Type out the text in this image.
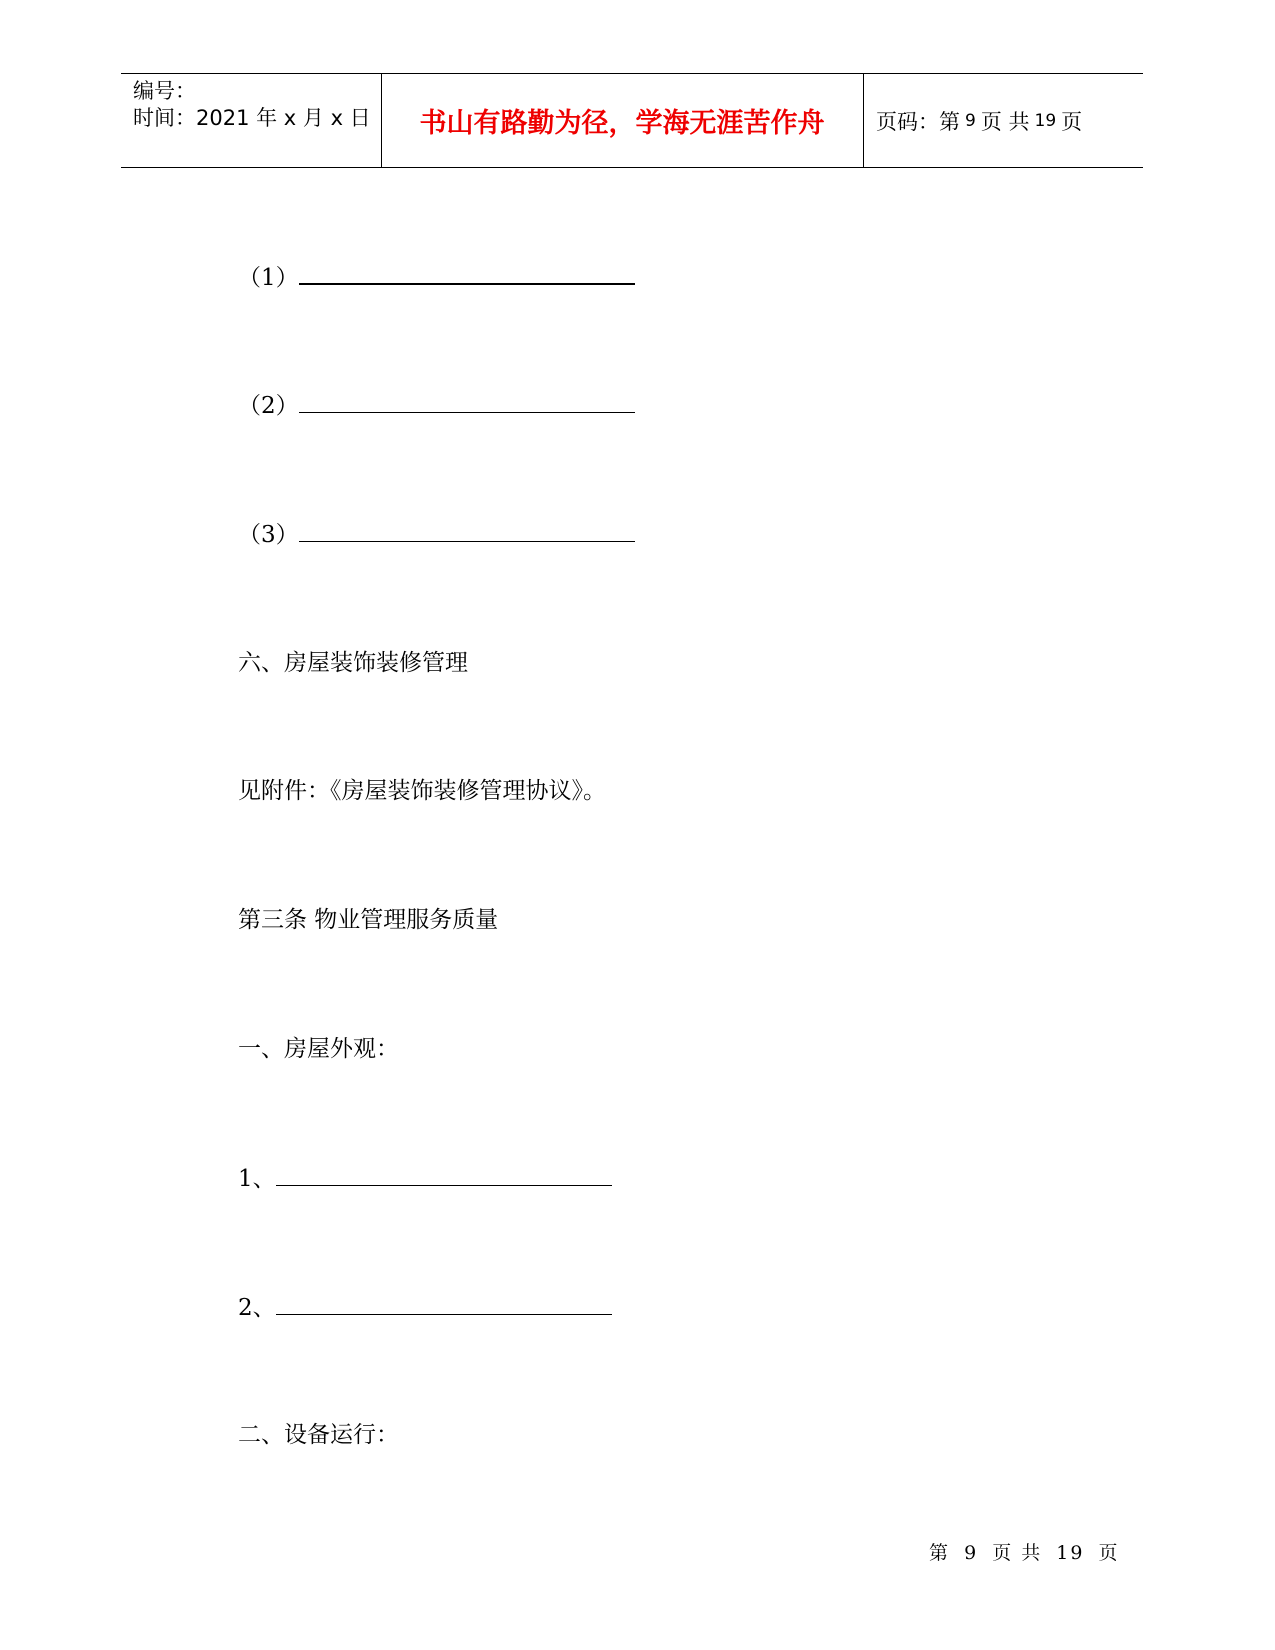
编号：
时间：2021 年 x 月 x 日	书山有路勤为径，学海无涯苦作舟	页码：第 9 页 共 19 页
（1）
（2）
（3）
六、房屋装饰装修管理
见附件：《房屋装饰装修管理协议》。
第三条 物业管理服务质量
一、房屋外观：
1、
2、
二、设备运行：
第 9 页 共 19 页
